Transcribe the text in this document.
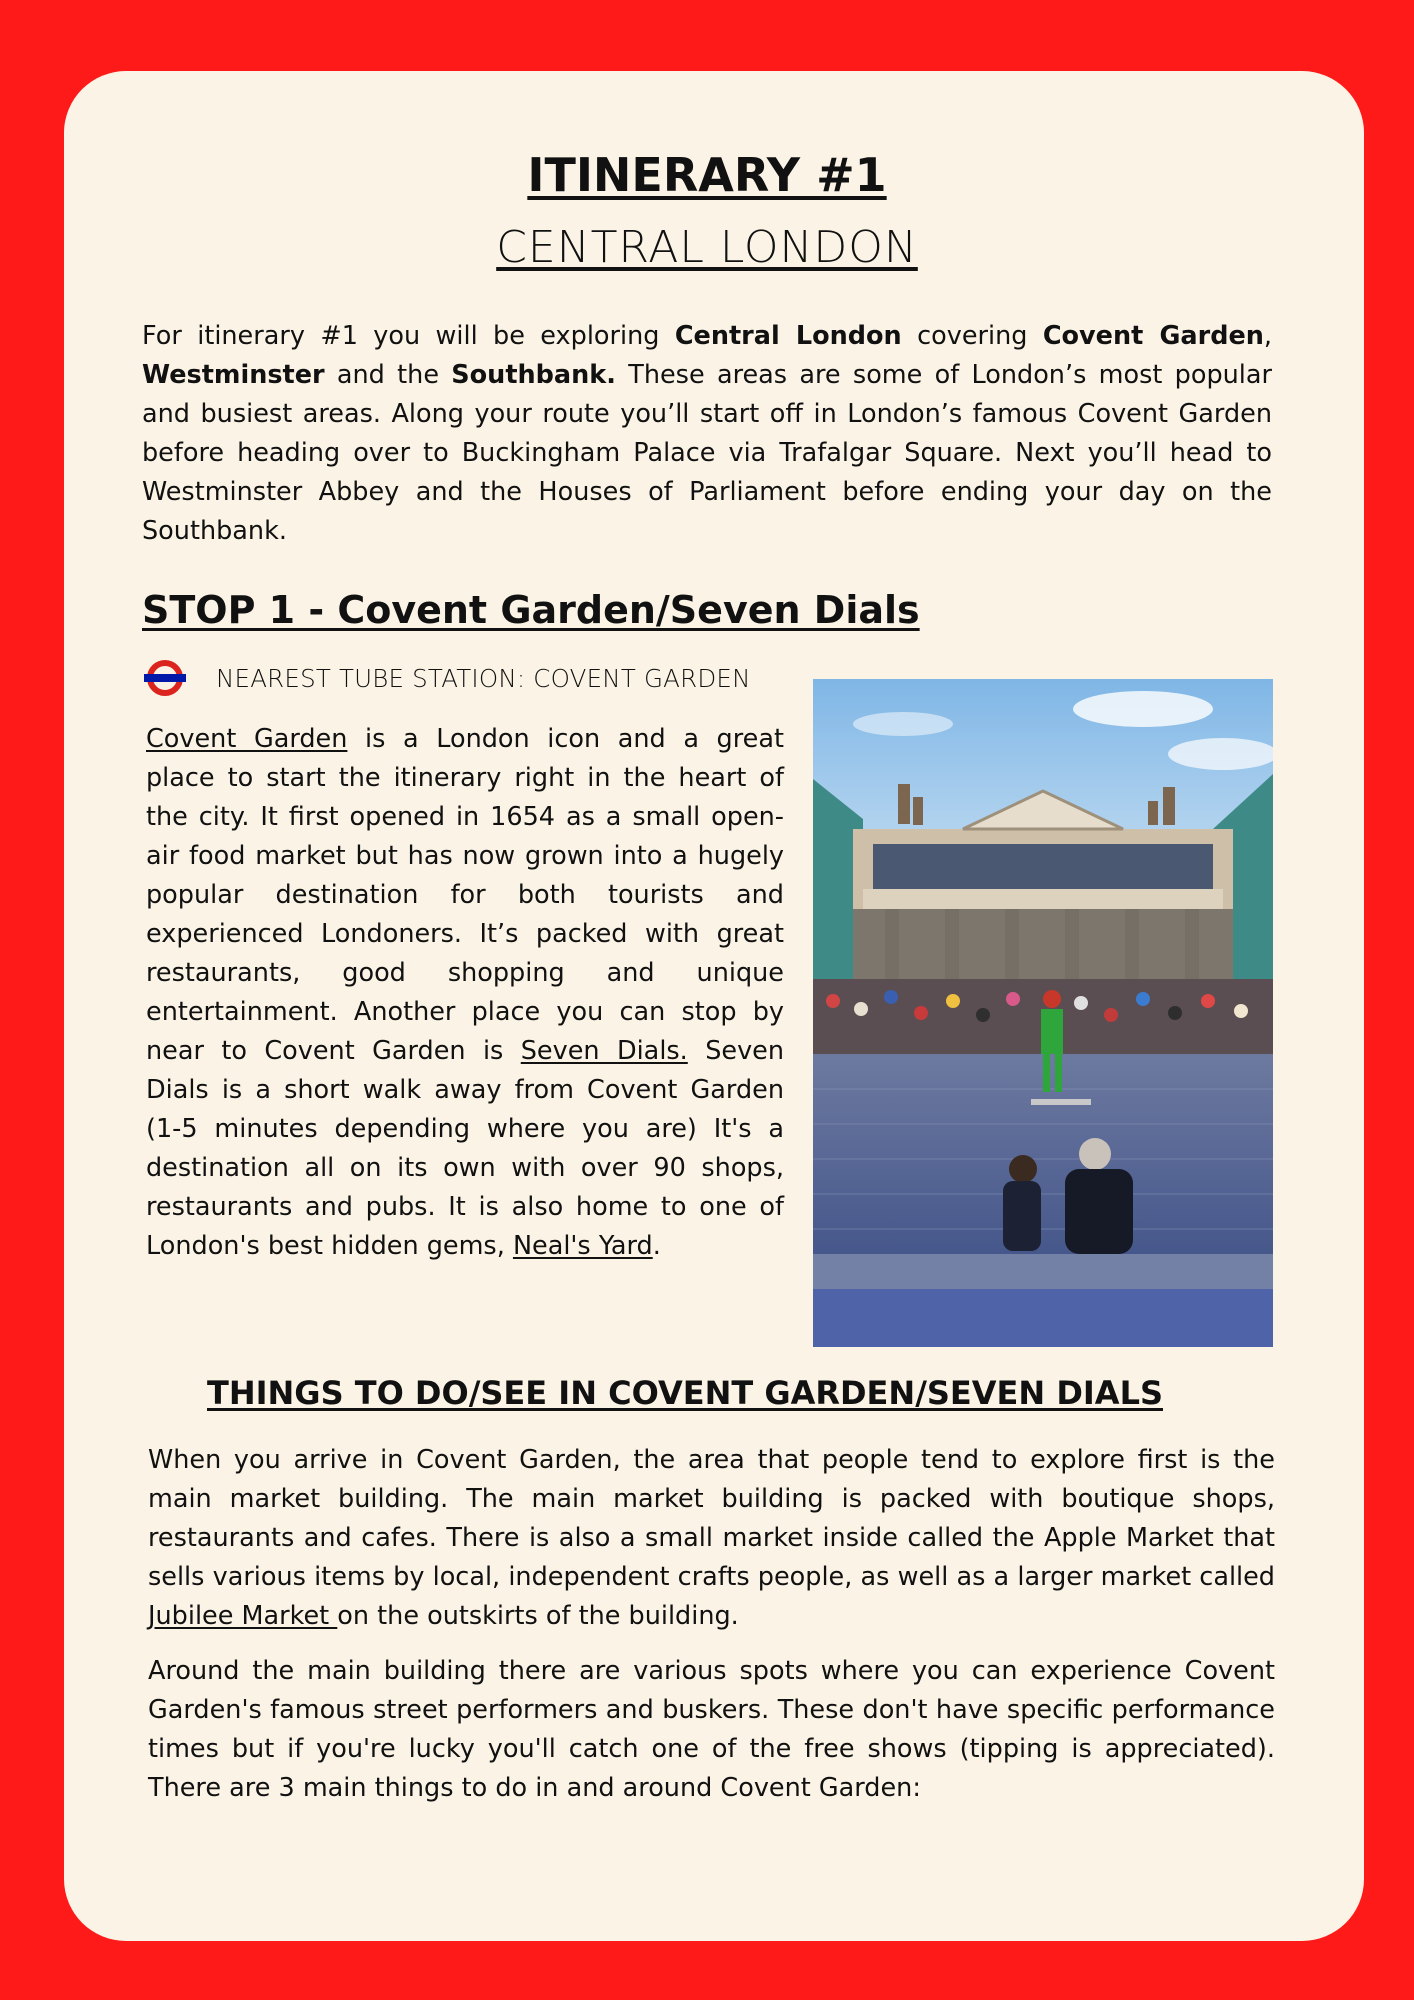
ITINERARY #1
CENTRAL LONDON

For itinerary #1 you will be exploring Central London covering Covent Garden, Westminster and the Southbank. These areas are some of London’s most popular and busiest areas. Along your route you’ll start off in London’s famous Covent Garden before heading over to Buckingham Palace via Trafalgar Square. Next you’ll head to Westminster Abbey and the Houses of Parliament before ending your day on the Southbank.

STOP 1 - Covent Garden/Seven Dials
NEAREST TUBE STATION: COVENT GARDEN

Covent Garden is a London icon and a great place to start the itinerary right in the heart of the city. It first opened in 1654 as a small open-air food market but has now grown into a hugely popular destination for both tourists and experienced Londoners. It’s packed with great restaurants, good shopping and unique entertainment. Another place you can stop by near to Covent Garden is Seven Dials. Seven Dials is a short walk away from Covent Garden (1-5 minutes depending where you are) It's a destination all on its own with over 90 shops, restaurants and pubs. It is also home to one of London's best hidden gems, Neal's Yard.

THINGS TO DO/SEE IN COVENT GARDEN/SEVEN DIALS

When you arrive in Covent Garden, the area that people tend to explore first is the main market building. The main market building is packed with boutique shops, restaurants and cafes. There is also a small market inside called the Apple Market that sells various items by local, independent crafts people, as well as a larger market called Jubilee Market on the outskirts of the building.

Around the main building there are various spots where you can experience Covent Garden's famous street performers and buskers. These don't have specific performance times but if you're lucky you'll catch one of the free shows (tipping is appreciated). There are 3 main things to do in and around Covent Garden:
